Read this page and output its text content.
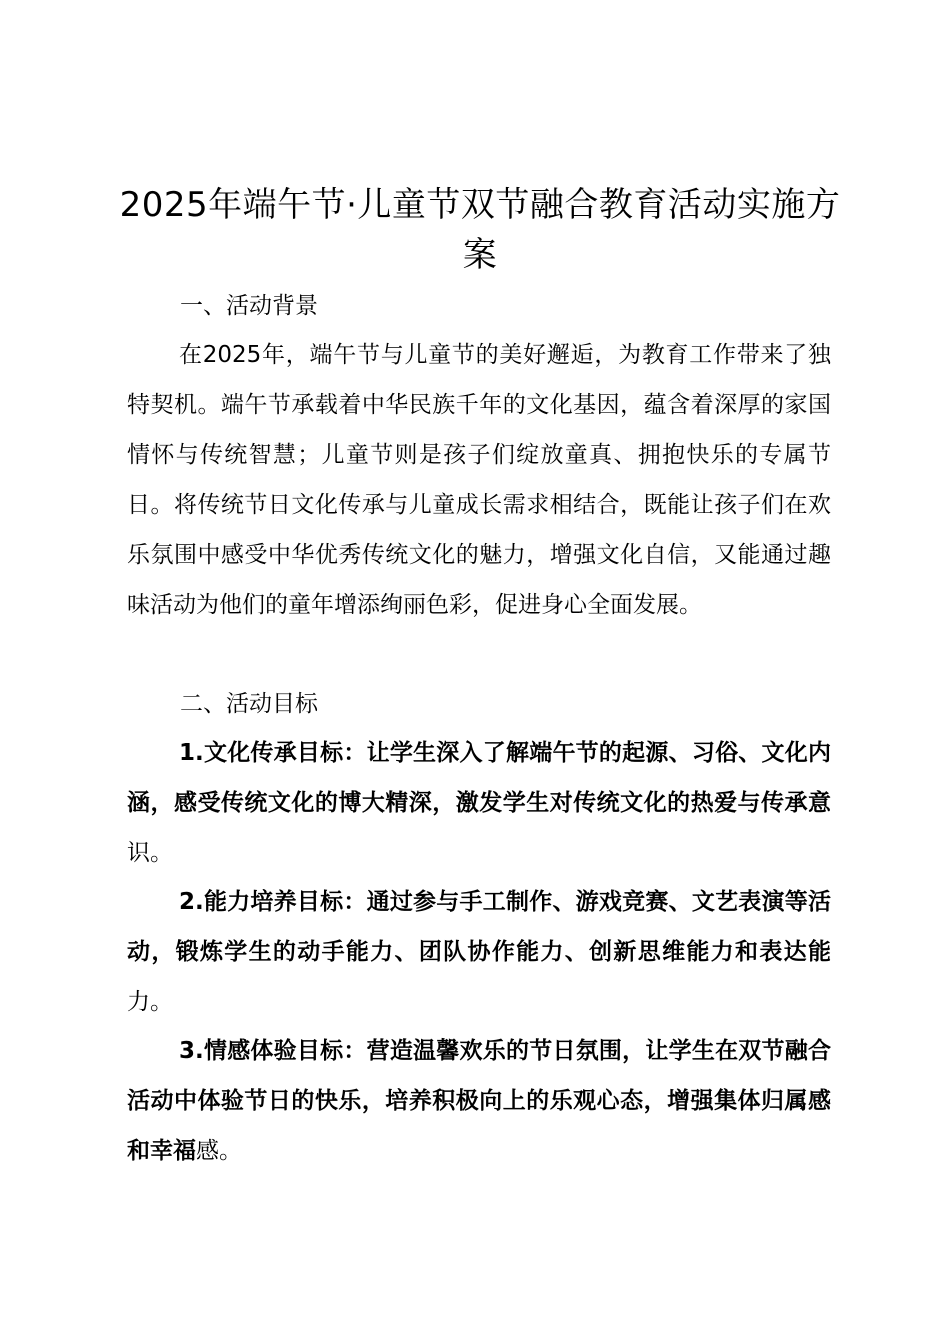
2025年端午节·儿童节双节融合教育活动实施方案
一、活动背景
在2025年，端午节与儿童节的美好邂逅，为教育工作带来了独特契机。端午节承载着中华民族千年的文化基因，蕴含着深厚的家国情怀与传统智慧；儿童节则是孩子们绽放童真、拥抱快乐的专属节日。将传统节日文化传承与儿童成长需求相结合，既能让孩子们在欢乐氛围中感受中华优秀传统文化的魅力，增强文化自信，又能通过趣味活动为他们的童年增添绚丽色彩，促进身心全面发展。
二、活动目标
1.文化传承目标：让学生深入了解端午节的起源、习俗、文化内涵，感受传统文化的博大精深，激发学生对传统文化的热爱与传承意识。
2.能力培养目标：通过参与手工制作、游戏竞赛、文艺表演等活动，锻炼学生的动手能力、团队协作能力、创新思维能力和表达能力。
3.情感体验目标：营造温馨欢乐的节日氛围，让学生在双节融合活动中体验节日的快乐，培养积极向上的乐观心态，增强集体归属感和幸福感。
